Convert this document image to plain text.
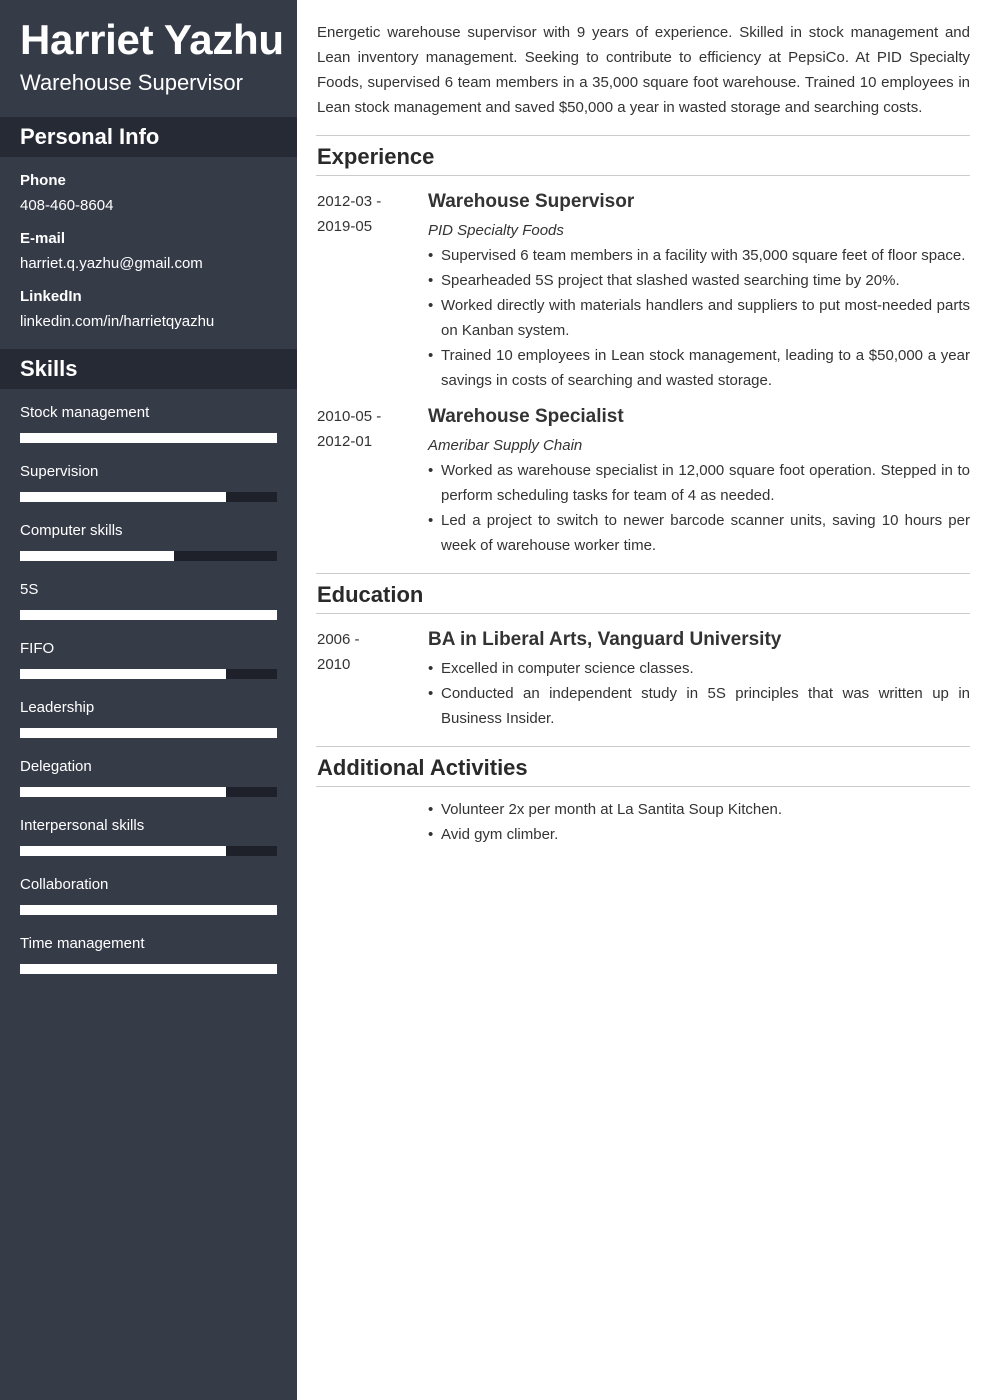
Harriet Yazhu
Warehouse Supervisor
Personal Info
Phone
408-460-8604
E-mail
harriet.q.yazhu@gmail.com
LinkedIn
linkedin.com/in/harrietqyazhu
Skills
Stock management
Supervision
Computer skills
5S
FIFO
Leadership
Delegation
Interpersonal skills
Collaboration
Time management

Energetic warehouse supervisor with 9 years of experience. Skilled in stock management and Lean inventory management. Seeking to contribute to efficiency at PepsiCo. At PID Specialty Foods, supervised 6 team members in a 35,000 square foot warehouse. Trained 10 employees in Lean stock management and saved $50,000 a year in wasted storage and searching costs.

Experience
2012-03 -
2019-05
Warehouse Supervisor
PID Specialty Foods
• Supervised 6 team members in a facility with 35,000 square feet of floor space.
• Spearheaded 5S project that slashed wasted searching time by 20%.
• Worked directly with materials handlers and suppliers to put most-needed parts on Kanban system.
• Trained 10 employees in Lean stock management, leading to a $50,000 a year savings in costs of searching and wasted storage.
2010-05 -
2012-01
Warehouse Specialist
Ameribar Supply Chain
• Worked as warehouse specialist in 12,000 square foot operation. Stepped in to perform scheduling tasks for team of 4 as needed.
• Led a project to switch to newer barcode scanner units, saving 10 hours per week of warehouse worker time.
Education
2006 -
2010
BA in Liberal Arts, Vanguard University
• Excelled in computer science classes.
• Conducted an independent study in 5S principles that was written up in Business Insider.
Additional Activities
• Volunteer 2x per month at La Santita Soup Kitchen.
• Avid gym climber.
